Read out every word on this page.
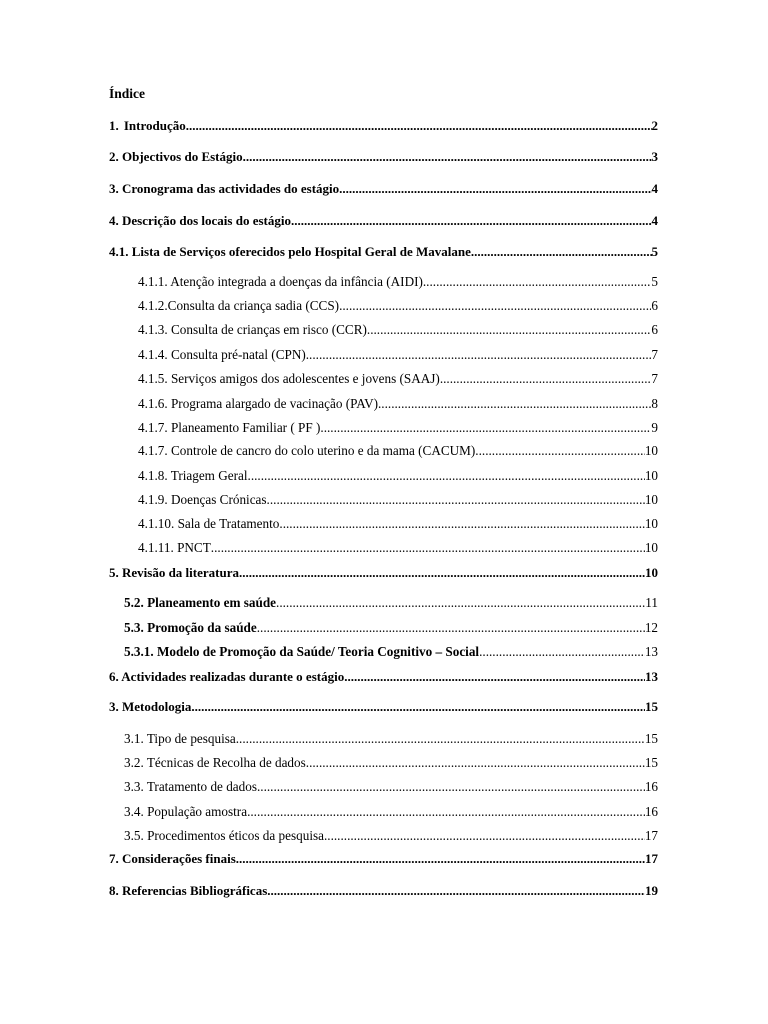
Índice
1. Introdução .....	2
2. Objectivos do Estágio .....	3
3. Cronograma das actividades do estágio .....	4
4. Descrição dos locais do estágio .....	4
4.1. Lista de Serviços oferecidos pelo Hospital Geral de Mavalane .....	5
4.1.1. Atenção integrada a doenças da infância (AIDI) .....	5
4.1.2.Consulta da criança sadia (CCS) .....	6
4.1.3. Consulta de crianças em risco (CCR) .....	6
4.1.4. Consulta pré-natal (CPN) .....	7
4.1.5. Serviços amigos dos adolescentes e jovens (SAAJ) .....	7
4.1.6. Programa alargado de vacinação (PAV) .....	8
4.1.7. Planeamento Familiar ( PF ) .....	9
4.1.7. Controle de cancro do colo uterino e da mama (CACUM) .....	10
4.1.8. Triagem Geral .....	10
4.1.9. Doenças Crónicas .....	10
4.1.10. Sala de Tratamento .....	10
4.1.11. PNCT .....	10
5. Revisão da literatura .....	10
5.2. Planeamento em saúde .....	11
5.3. Promoção da saúde .....	12
5.3.1. Modelo de Promoção da Saúde/ Teoria Cognitivo – Social .....	13
6. Actividades realizadas durante o estágio .....	13
3. Metodologia .....	15
3.1. Tipo de pesquisa .....	15
3.2. Técnicas de Recolha de dados .....	15
3.3. Tratamento de dados .....	16
3.4. População amostra .....	16
3.5. Procedimentos éticos da pesquisa .....	17
7. Considerações finais .....	17
8. Referencias Bibliográficas .....	19
